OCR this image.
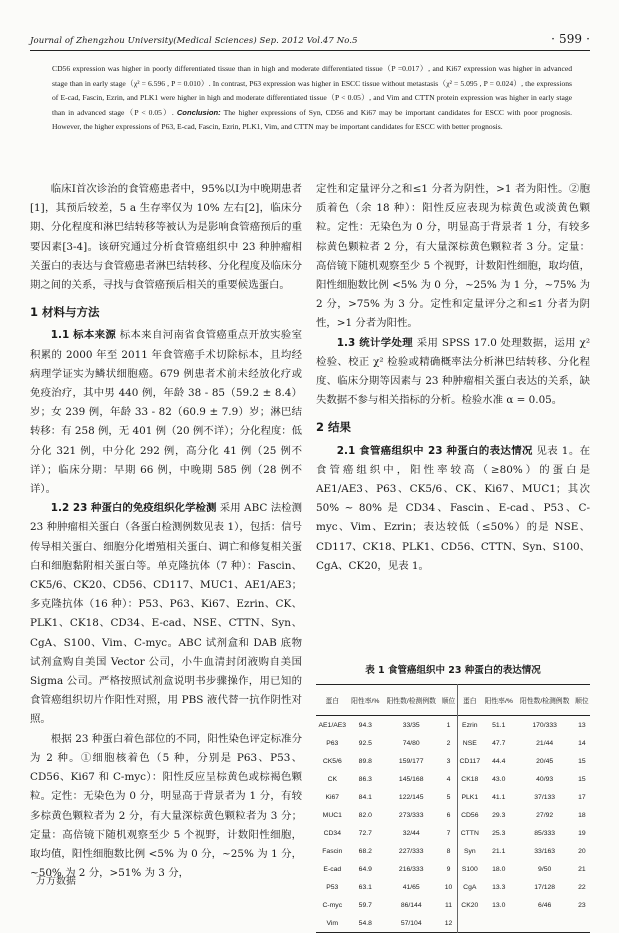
Journal of Zhengzhou University(Medical Sciences) Sep. 2012 Vol.47 No.5	· 599 ·
CD56 expression was higher in poorly differentiated tissue than in high and moderate differentiated tissue（P =0.017）, and Ki67 expression was higher in advanced stage than in early stage（χ² = 6.596 , P = 0.010）. In contrast, P63 expression was higher in ESCC tissue without metastasis（χ² = 5.095 , P = 0.024）, the expressions of E-cad, Fascin, Ezrin, and PLK1 were higher in high and moderate differentiated tissue（P < 0.05）, and Vim and CTTN protein expression was higher in early stage than in advanced stage（P < 0.05）. Conclusion: The higher expressions of Syn, CD56 and Ki67 may be important candidates for ESCC with poor prognosis. However, the higher expressions of P63, E-cad, Fascin, Ezrin, PLK1, Vim, and CTTN may be important candidates for ESCC with better prognosis.

临床Ⅰ首次诊治的食管癌患者中，95%以Ⅰ为中晚期患者[1]，其预后较差，5 a 生存率仅为 10% 左右[2]，临床分期、分化程度和淋巴结转移等被认为是影响食管癌预后的重要因素[3-4]。该研究通过分析食管癌组织中 23 种肿瘤相关蛋白的表达与食管癌患者淋巴结转移、分化程度及临床分期之间的关系，寻找与食管癌预后相关的重要候选蛋白。

1 材料与方法

1.1 标本来源 标本来自河南省食管癌重点开放实验室积累的 2000 年至 2011 年食管癌手术切除标本，且均经病理学证实为鳞状细胞癌。679 例患者术前未经放化疗或免疫治疗，其中男 440 例，年龄 38 - 85（59.2 ± 8.4）岁；女 239 例，年龄 33 - 82（60.9 ± 7.9）岁；淋巴结转移：有 258 例，无 401 例（20 例不详）；分化程度：低分化 321 例，中分化 292 例，高分化 41 例（25 例不详）；临床分期：早期 66 例，中晚期 585 例（28 例不详）。

1.2 23 种蛋白的免疫组织化学检测 采用 ABC 法检测 23 种肿瘤相关蛋白（各蛋白检测例数见表 1），包括：信号传导相关蛋白、细胞分化增殖相关蛋白、调亡和修复相关蛋白和细胞黏附相关蛋白等。单克隆抗体（7 种）：Fascin、CK5/6、CK20、CD56、CD117、MUC1、AE1/AE3；多克隆抗体（16 种）：P53、P63、Ki67、Ezrin、CK、PLK1、CK18、CD34、E-cad、NSE、CTTN、Syn、CgA、S100、Vim、C-myc。ABC 试剂盒和 DAB 底物试剂盒购自美国 Vector 公司，小牛血清封闭液购自美国 Sigma 公司。严格按照试剂盒说明书步骤操作，用已知的食管癌组织切片作阳性对照，用 PBS 液代替一抗作阴性对照。

根据 23 种蛋白着色部位的不同，阳性染色评定标准分为 2 种。①细胞核着色（5 种，分别是 P63、P53、CD56、Ki67 和 C-myc）：阳性反应呈棕黄色或棕褐色颗粒。定性：无染色为 0 分，明显高于背景者为 1 分，有较多棕黄色颗粒者为 2 分，有大量深棕黄色颗粒者为 3 分；定量：高倍镜下随机观察至少 5 个视野，计数阳性细胞，取均值，阳性细胞数比例 <5% 为 0 分，~25% 为 1 分，~50% 为 2 分，>51% 为 3 分，

定性和定量评分之和≤1 分者为阴性，>1 者为阳性。②胞质着色（余 18 种）：阳性反应表现为棕黄色或淡黄色颗粒。定性：无染色为 0 分，明显高于背景者 1 分，有较多棕黄色颗粒者 2 分，有大量深棕黄色颗粒者 3 分。定量：高倍镜下随机观察至少 5 个视野，计数阳性细胞，取均值，阳性细胞数比例 <5% 为 0 分，~25% 为 1 分，~75% 为 2 分，>75% 为 3 分。定性和定量评分之和≤1 分者为阴性，>1 分者为阳性。

1.3 统计学处理 采用 SPSS 17.0 处理数据，运用 χ² 检验、校正 χ² 检验或精确概率法分析淋巴结转移、分化程度、临床分期等因素与 23 种肿瘤相关蛋白表达的关系，缺失数据不参与相关指标的分析。检验水准 α = 0.05。

2 结果

2.1 食管癌组织中 23 种蛋白的表达情况 见表 1。在食管癌组织中，阳性率较高（≥80%）的蛋白是 AE1/AE3、P63、CK5/6、CK、Ki67、MUC1；其次 50% ~ 80% 是 CD34、Fascin、E-cad、P53、C-myc、Vim、Ezrin；表达较低（≤50%）的是 NSE、CD117、CK18、PLK1、CD56、CTTN、Syn、S100、CgA、CK20，见表 1。

表 1 食管癌组织中 23 种蛋白的表达情况
蛋白	阳性率/%	阳性数/检测例数	顺位	蛋白	阳性率/%	阳性数/检测例数	顺位
AE1/AE3	94.3	33/35	1	Ezrin	51.1	170/333	13
P63	92.5	74/80	2	NSE	47.7	21/44	14
CK5/6	89.8	159/177	3	CD117	44.4	20/45	15
CK	86.3	145/168	4	CK18	43.0	40/93	15
Ki67	84.1	122/145	5	PLK1	41.1	37/133	17
MUC1	82.0	273/333	6	CD56	29.3	27/92	18
CD34	72.7	32/44	7	CTTN	25.3	85/333	19
Fascin	68.2	227/333	8	Syn	21.1	33/163	20
E-cad	64.9	216/333	9	S100	18.0	9/50	21
P53	63.1	41/65	10	CgA	13.3	17/128	22
C-myc	59.7	86/144	11	CK20	13.0	6/46	23
Vim	54.8	57/104	12				
万方数据
